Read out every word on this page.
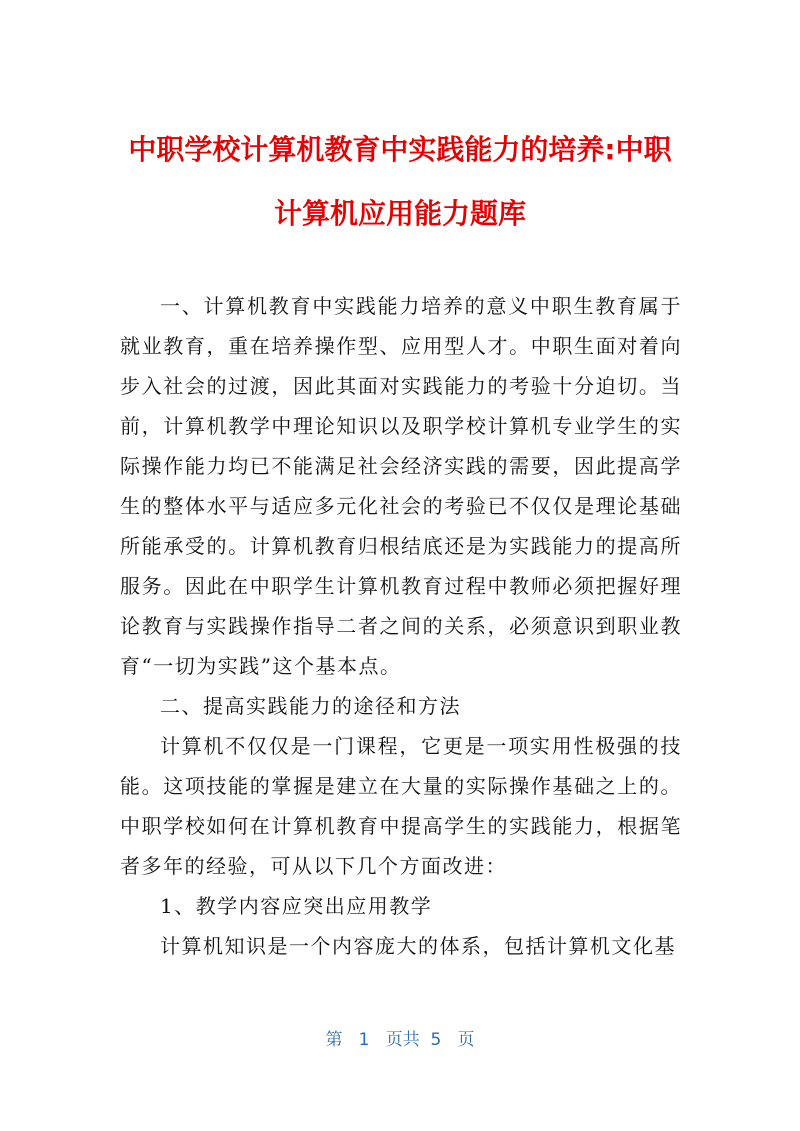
中职学校计算机教育中实践能力的培养:中职
计算机应用能力题库

一、计算机教育中实践能力培养的意义中职生教育属于就业教育，重在培养操作型、应用型人才。中职生面对着向步入社会的过渡，因此其面对实践能力的考验十分迫切。当前，计算机教学中理论知识以及职学校计算机专业学生的实际操作能力均已不能满足社会经济实践的需要，因此提高学生的整体水平与适应多元化社会的考验已不仅仅是理论基础所能承受的。计算机教育归根结底还是为实践能力的提高所服务。因此在中职学生计算机教育过程中教师必须把握好理论教育与实践操作指导二者之间的关系，必须意识到职业教育“一切为实践”这个基本点。

二、提高实践能力的途径和方法

计算机不仅仅是一门课程，它更是一项实用性极强的技能。这项技能的掌握是建立在大量的实际操作基础之上的。中职学校如何在计算机教育中提高学生的实践能力，根据笔者多年的经验，可从以下几个方面改进：

1、教学内容应突出应用教学

计算机知识是一个内容庞大的体系，包括计算机文化基

第   1   页共  5   页
